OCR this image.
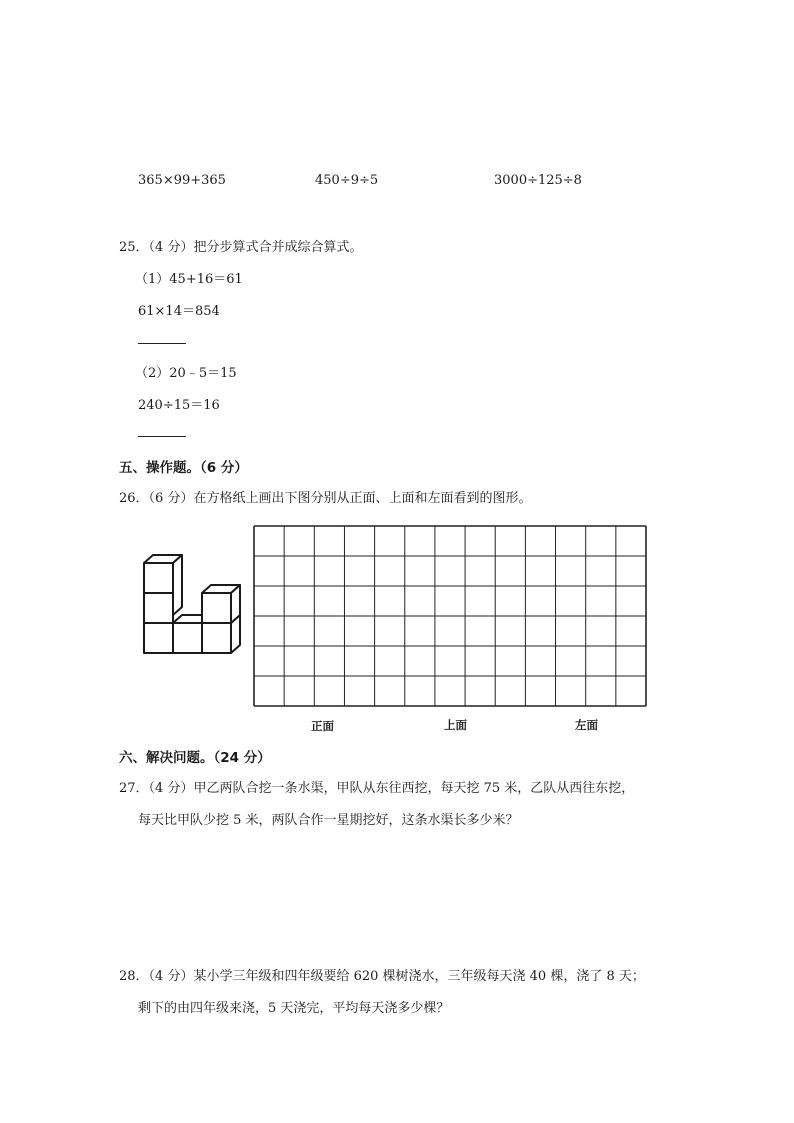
365×99+365	450÷9÷5	3000÷125÷8
25．（4 分）把分步算式合并成综合算式。
（1）45+16＝61
61×14＝854
（2）20﹣5＝15
240÷15＝16
五、操作题。（6 分）
26．（6 分）在方格纸上画出下图分别从正面、上面和左面看到的图形。
正面	上面	左面
六、解决问题。（24 分）
27．（4 分）甲乙两队合挖一条水渠，甲队从东往西挖，每天挖 75 米，乙队从西往东挖，
每天比甲队少挖 5 米，两队合作一星期挖好，这条水渠长多少米？
28．（4 分）某小学三年级和四年级要给 620 棵树浇水，三年级每天浇 40 棵，浇了 8 天；
剩下的由四年级来浇，5 天浇完，平均每天浇多少棵？
